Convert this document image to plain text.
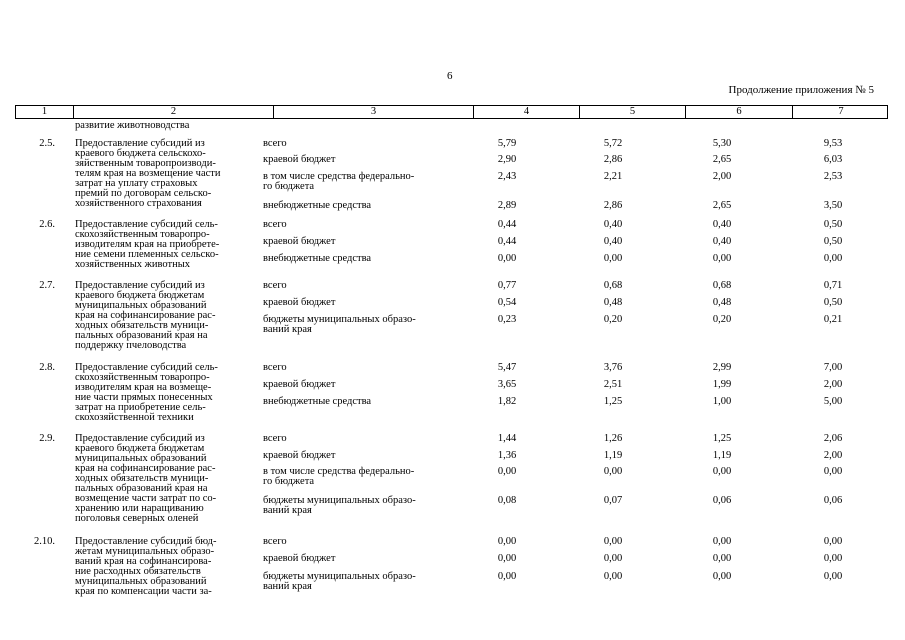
6
Продолжение приложения № 5
1	2	3	4	5	6	7
развитие животноводства
2.5. Предоставление субсидий из
краевого бюджета сельскохо-
зяйственным товаропроизводи-
телям края на возмещение части
затрат на уплату страховых
премий по договорам сельско-
хозяйственного страхования
всего	5,79	5,72	5,30	9,53
краевой бюджет	2,90	2,86	2,65	6,03
в том числе средства федерально-
го бюджета
2,43	2,21	2,00	2,53
внебюджетные средства	2,89	2,86	2,65	3,50
2.6. Предоставление субсидий сель-
скохозяйственным товаропро-
изводителям края на приобрете-
ние семени племенных сельско-
хозяйственных животных
всего	0,44	0,40	0,40	0,50
краевой бюджет	0,44	0,40	0,40	0,50
внебюджетные средства	0,00	0,00	0,00	0,00
2.7. Предоставление субсидий из
краевого бюджета бюджетам
муниципальных образований
края на софинансирование рас-
ходных обязательств муници-
пальных образований края на
поддержку пчеловодства
всего	0,77	0,68	0,68	0,71
краевой бюджет	0,54	0,48	0,48	0,50
бюджеты муниципальных образо-
ваний края
0,23	0,20	0,20	0,21
2.8. Предоставление субсидий сель-
скохозяйственным товаропро-
изводителям края на возмеще-
ние части прямых понесенных
затрат на приобретение сель-
скохозяйственной техники
всего	5,47	3,76	2,99	7,00
краевой бюджет	3,65	2,51	1,99	2,00
внебюджетные средства	1,82	1,25	1,00	5,00
2.9. Предоставление субсидий из
краевого бюджета бюджетам
муниципальных образований
края на софинансирование рас-
ходных обязательств муници-
пальных образований края на
возмещение части затрат по со-
хранению или наращиванию
поголовья северных оленей
всего	1,44	1,26	1,25	2,06
краевой бюджет	1,36	1,19	1,19	2,00
в том числе средства федерально-
го бюджета
0,00	0,00	0,00	0,00
бюджеты муниципальных образо-
ваний края
0,08	0,07	0,06	0,06
2.10. Предоставление субсидий бюд-
жетам муниципальных образо-
ваний края на софинансирова-
ние расходных обязательств
муниципальных образований
края по компенсации части за-
всего	0,00	0,00	0,00	0,00
краевой бюджет	0,00	0,00	0,00	0,00
бюджеты муниципальных образо-
ваний края
0,00	0,00	0,00	0,00
